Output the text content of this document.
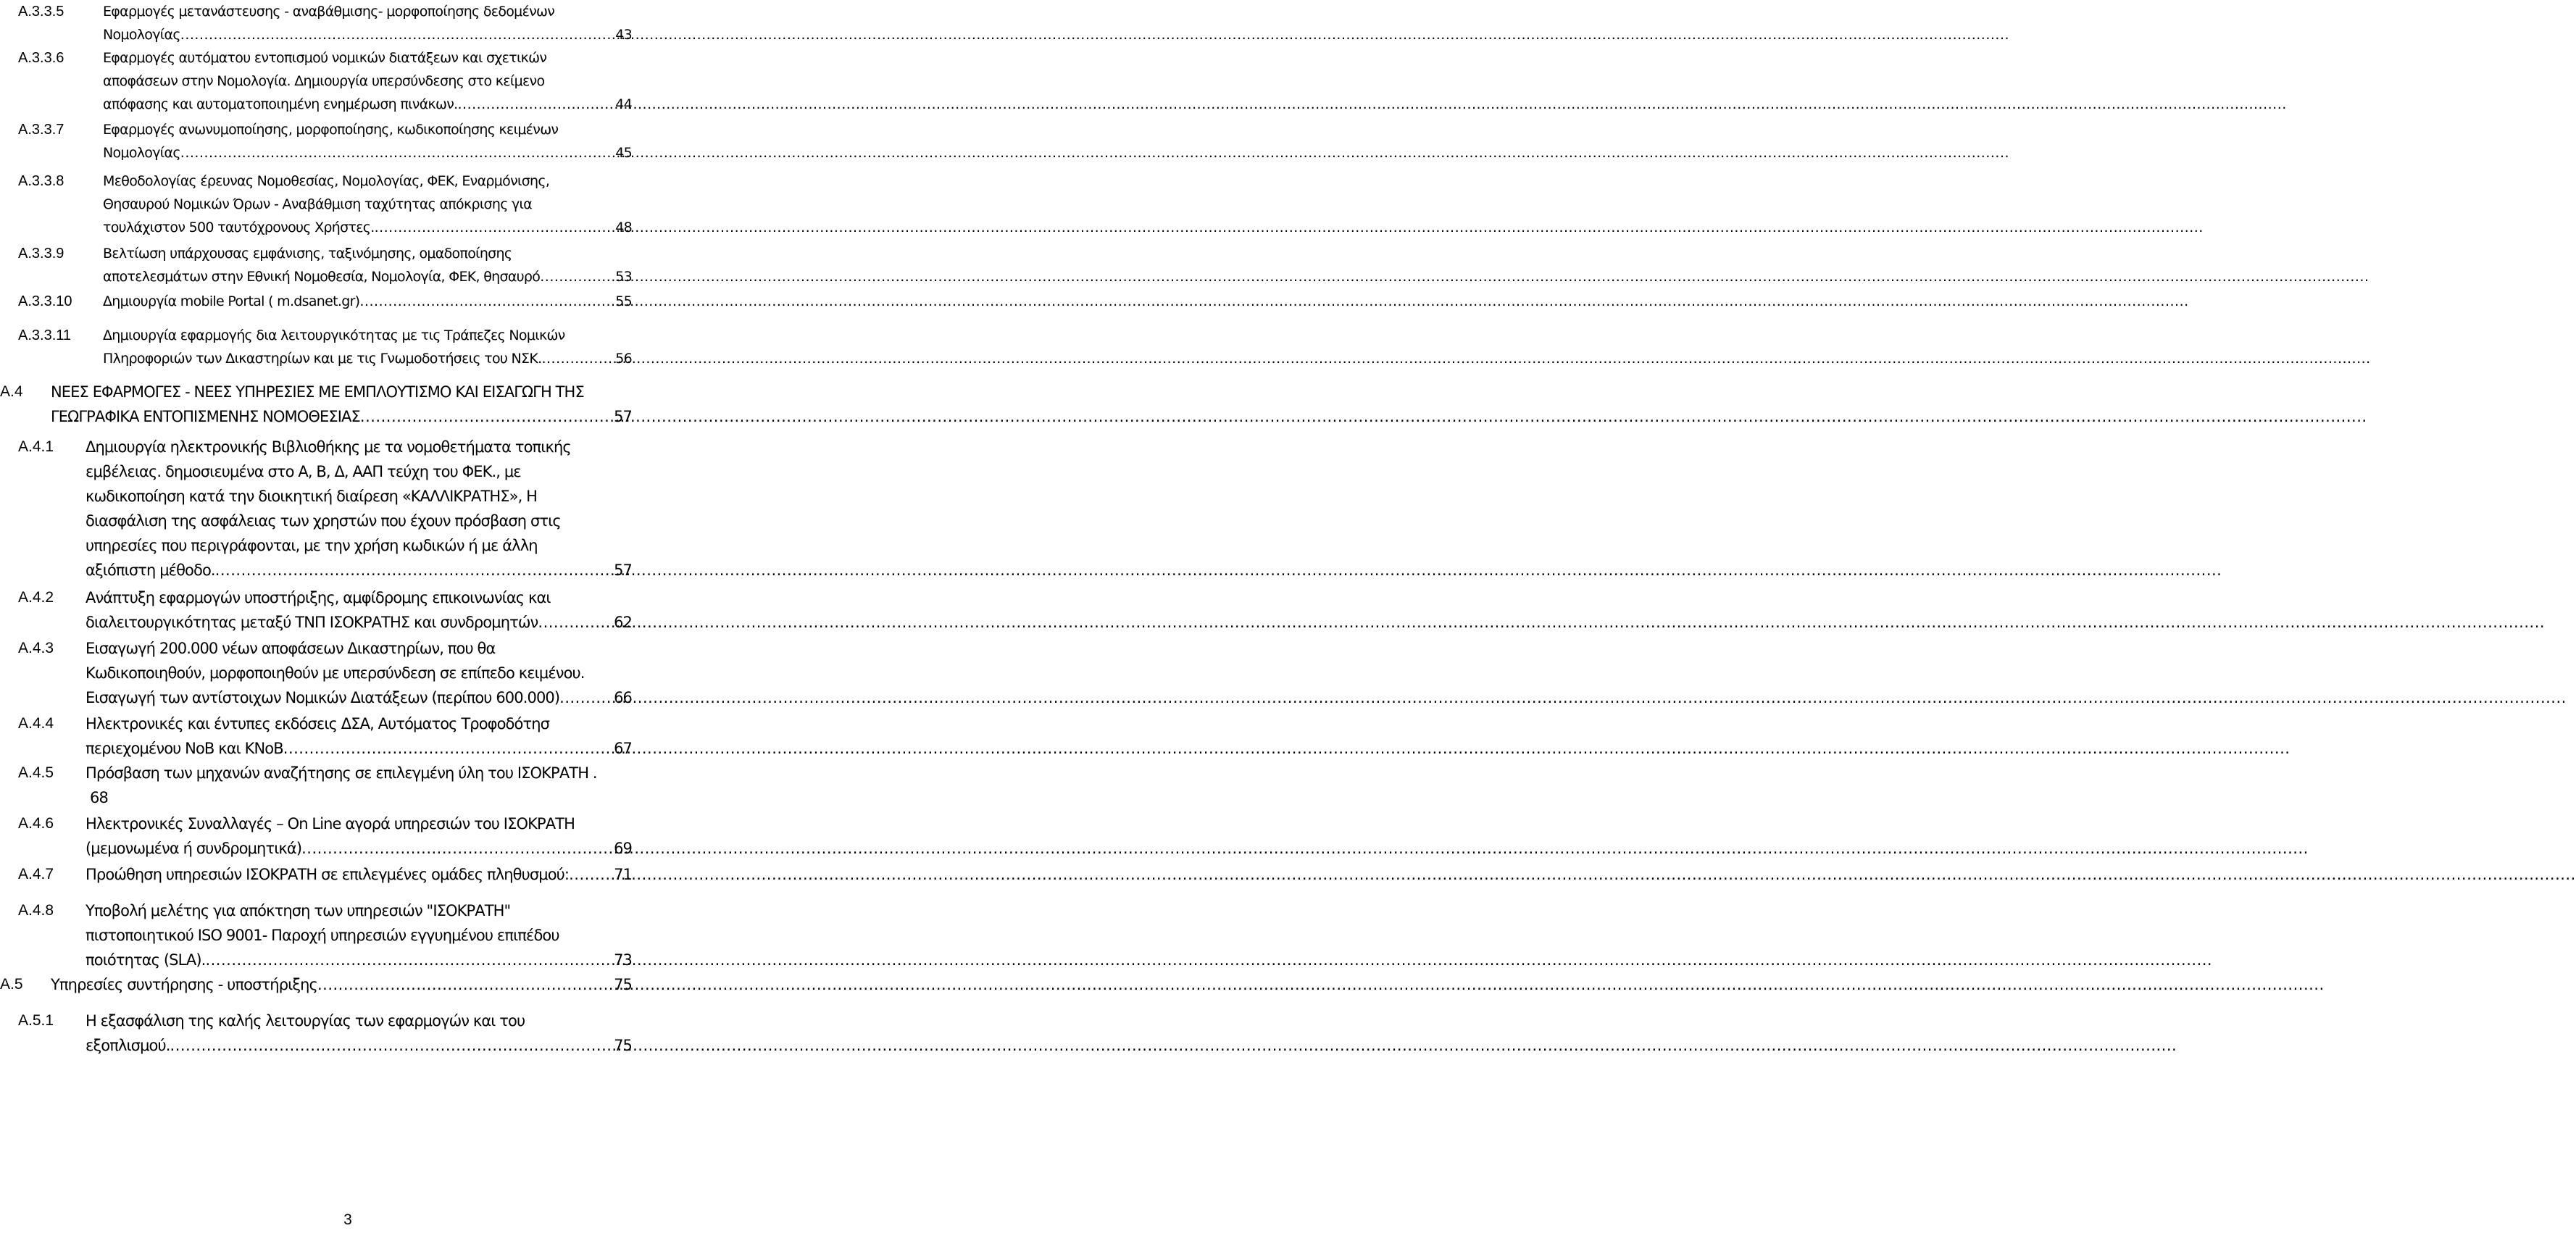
A.3.3.5	Εφαρμογές μετανάστευσης - αναβάθμισης- μορφοποίησης δεδομένων
Νομολογίας .....	43
A.3.3.6	Εφαρμογές αυτόματου εντοπισμού νομικών διατάξεων και σχετικών
αποφάσεων στην Νομολογία. Δημιουργία υπερσύνδεσης στο κείμενο
απόφασης και αυτοματοποιημένη ενημέρωση πινάκων. .....	44
A.3.3.7	Εφαρμογές ανωνυμοποίησης, μορφοποίησης, κωδικοποίησης κειμένων
Νομολογίας .....	45
A.3.3.8	Μεθοδολογίας έρευνας Νομοθεσίας, Νομολογίας, ΦΕΚ, Εναρμόνισης,
Θησαυρού Νομικών Όρων - Αναβάθμιση ταχύτητας απόκρισης για
τουλάχιστον 500 ταυτόχρονους Χρήστες. .....	48
A.3.3.9	Βελτίωση υπάρχουσας εμφάνισης, ταξινόμησης, ομαδοποίησης
αποτελεσμάτων στην Εθνική Νομοθεσία, Νομολογία, ΦΕΚ, θησαυρό .....	53
A.3.3.10 Δημιουργία mobile Portal ( m.dsanet.gr) .....	55
A.3.3.11 Δημιουργία εφαρμογής δια λειτουργικότητας με τις Τράπεζες Νομικών
Πληροφοριών των Δικαστηρίων και με τις Γνωμοδοτήσεις του ΝΣΚ. .....	56
A.4 ΝΕΕΣ ΕΦΑΡΜΟΓΕΣ - ΝΕΕΣ ΥΠΗΡΕΣΙΕΣ ΜΕ ΕΜΠΛΟΥΤΙΣΜΟ ΚΑΙ ΕΙΣΑΓΩΓΗ ΤΗΣ
ΓΕΩΓΡΑΦΙΚΑ ΕΝΤΟΠΙΣΜΕΝΗΣ ΝΟΜΟΘΕΣΙΑΣ .....	57
A.4.1 Δημιουργία ηλεκτρονικής Βιβλιοθήκης με τα νομοθετήματα τοπικής
εμβέλειας. δημοσιευμένα στο Α, Β, Δ, ΑΑΠ τεύχη του ΦΕΚ., με
κωδικοποίηση κατά την διοικητική διαίρεση «ΚΑΛΛΙΚΡΑΤΗΣ», Η
διασφάλιση της ασφάλειας των χρηστών που έχουν πρόσβαση στις
υπηρεσίες που περιγράφονται, με την χρήση κωδικών ή με άλλη
αξιόπιστη μέθοδο. .....	57
A.4.2 Ανάπτυξη εφαρμογών υποστήριξης, αμφίδρομης επικοινωνίας και
διαλειτουργικότητας μεταξύ ΤΝΠ ΙΣΟΚΡΑΤΗΣ και συνδρομητών .....	62
A.4.3 Εισαγωγή 200.000 νέων αποφάσεων Δικαστηρίων, που θα
Κωδικοποιηθούν, μορφοποιηθούν με υπερσύνδεση σε επίπεδο κειμένου.
Εισαγωγή των αντίστοιχων Νομικών Διατάξεων (περίπου 600.000) .....	66
A.4.4 Ηλεκτρονικές και έντυπες εκδόσεις ΔΣΑ, Αυτόματος Τροφοδότησ
περιεχομένου ΝοΒ και ΚΝοΒ .....	67
A.4.5 Πρόσβαση των μηχανών αναζήτησης σε επιλεγμένη ύλη του ΙΣΟΚΡΑΤΗ .
68
A.4.6 Ηλεκτρονικές Συναλλαγές – On Line αγορά υπηρεσιών του ΙΣΟΚΡΑΤΗ
(μεμονωμένα ή συνδρομητικά) .....	69
A.4.7 Προώθηση υπηρεσιών ΙΣΟΚΡΑΤΗ σε επιλεγμένες ομάδες πληθυσμού: .....	71
A.4.8 Υποβολή μελέτης για απόκτηση των υπηρεσιών "ΙΣΟΚΡΑΤΗ"
πιστοποιητικού ISO 9001- Παροχή υπηρεσιών εγγυημένου επιπέδου
ποιότητας (SLA). .....	73
A.5 Υπηρεσίες συντήρησης - υποστήριξης .....	75
A.5.1 Η εξασφάλιση της καλής λειτουργίας των εφαρμογών και του
εξοπλισμού. .....	75
3
